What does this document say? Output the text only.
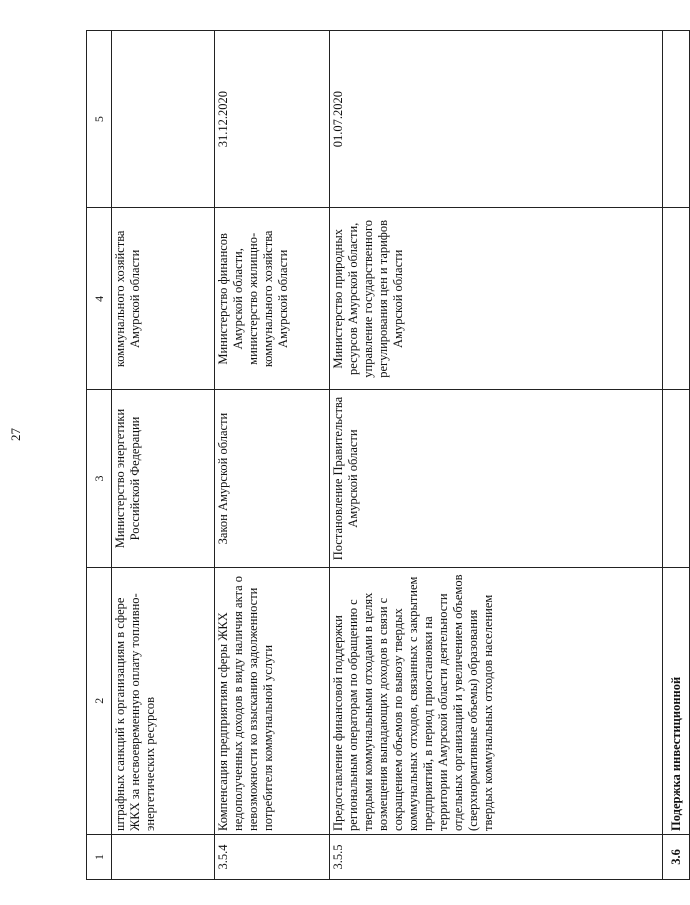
27
1	2	3	4	5
	штрафных санкций к организациям в сфере ЖКХ за несвоевременную оплату топливно-энергетических ресурсов	Министерство энергетики Российской Федерации	коммунального хозяйства Амурской области	
3.5.4	Компенсация предприятиям сферы ЖКХ недополученных доходов в виду наличия акта о невозможности ко взысканию задолженности потребителя коммунальной услуги	Закон Амурской области	Министерство финансов Амурской области, министерство жилищно-коммунального хозяйства Амурской области	31.12.2020
3.5.5	Предоставление финансовой поддержки региональным операторам по обращению с твердыми коммунальными отходами в целях возмещения выпадающих доходов в связи с сокращением объемов по вывозу твердых коммунальных отходов, связанных с закрытием предприятий, в период приостановки на территории Амурской области деятельности отдельных организаций и увеличением объемов (сверхнормативные объемы) образования твердых коммунальных отходов населением	Постановление Правительства Амурской области	Министерство природных ресурсов Амурской области, управление государственного регулирования цен и тарифов Амурской области	01.07.2020
3.6	Подержка инвестиционной			
